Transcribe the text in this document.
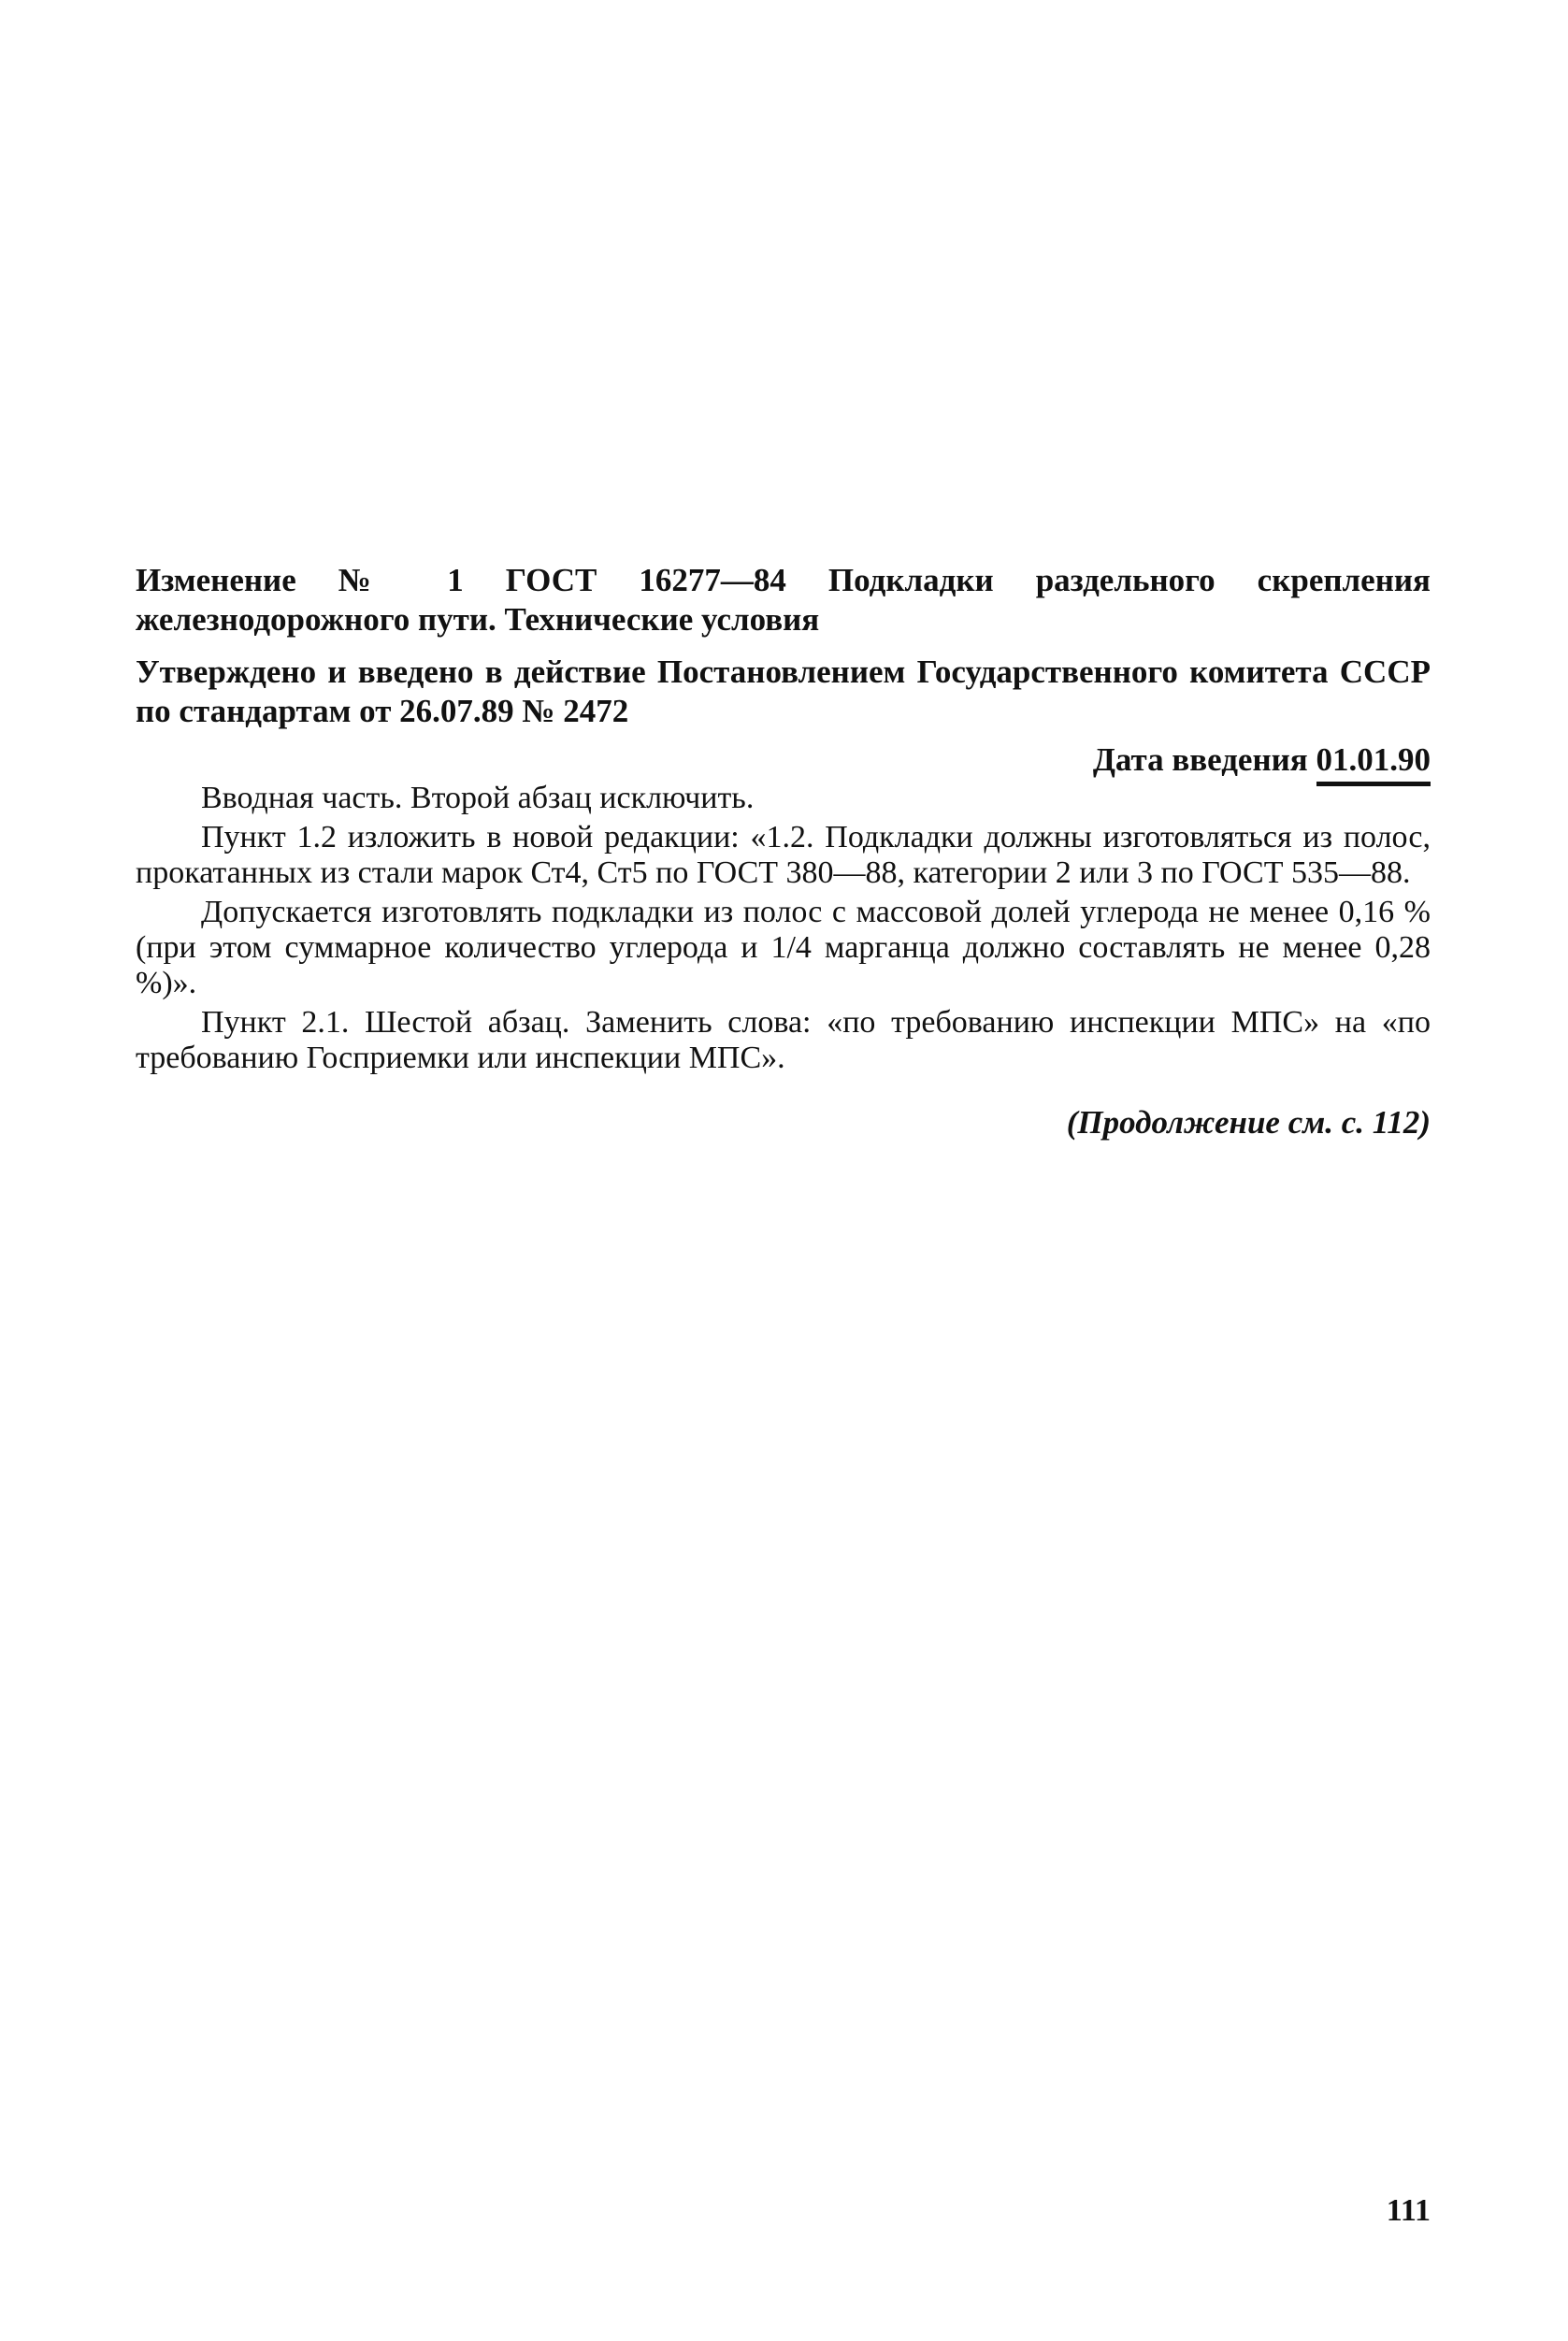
Изменение № 1 ГОСТ 16277—84 Подкладки раздельного скрепления железнодорожного пути. Технические условия

Утверждено и введено в действие Постановлением Государственного комитета СССР по стандартам от 26.07.89 № 2472

Дата введения 01.01.90

Вводная часть. Второй абзац исключить.

Пункт 1.2 изложить в новой редакции: «1.2. Подкладки должны изготовляться из полос, прокатанных из стали марок Ст4, Ст5 по ГОСТ 380—88, категории 2 или 3 по ГОСТ 535—88.

Допускается изготовлять подкладки из полос с массовой долей углерода не менее 0,16 % (при этом суммарное количество углерода и 1/4 марганца должно составлять не менее 0,28 %)».

Пункт 2.1. Шестой абзац. Заменить слова: «по требованию инспекции МПС» на «по требованию Госприемки или инспекции МПС».

(Продолжение см. с. 112)
111
